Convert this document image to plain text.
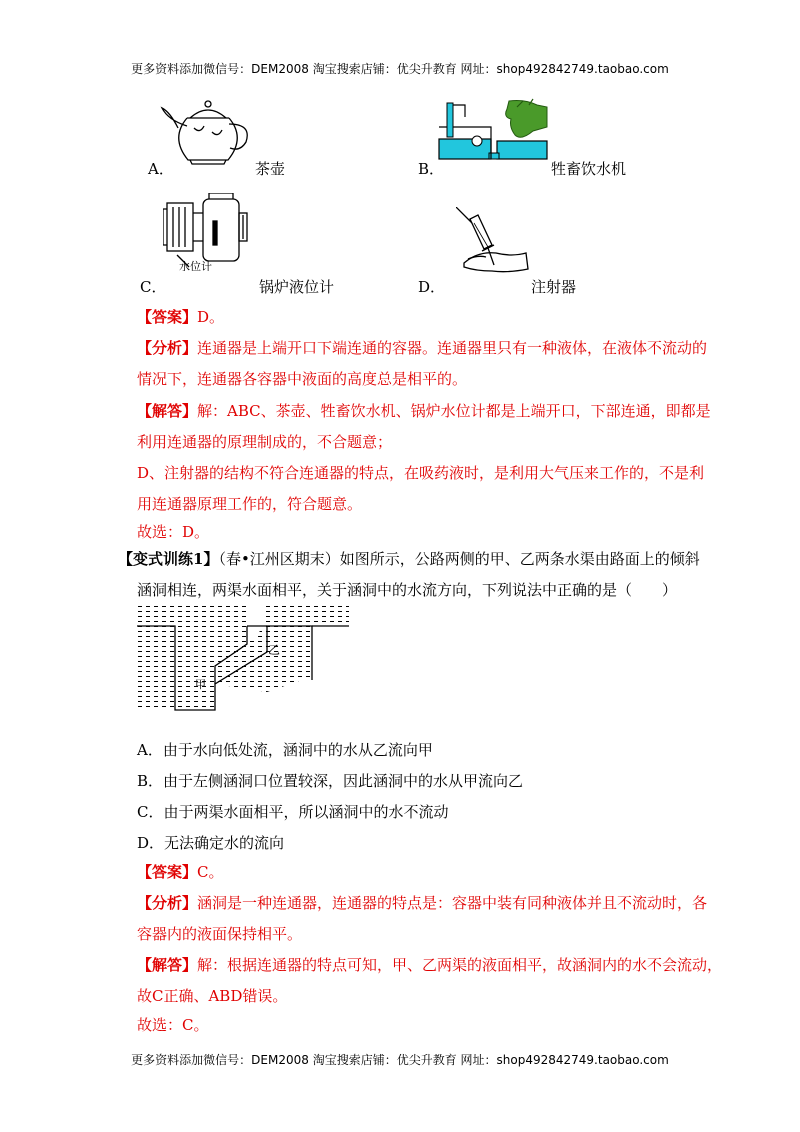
更多资料添加微信号：DEM2008 淘宝搜索店铺：优尖升教育 网址：shop492842749.taobao.com
水位计
A．	茶壶	B．	牲畜饮水机
C．	锅炉液位计	D．	注射器
【答案】D。
【分析】连通器是上端开口下端连通的容器。连通器里只有一种液体，在液体不流动的
情况下，连通器各容器中液面的高度总是相平的。
【解答】解：ABC、茶壶、牲畜饮水机、锅炉水位计都是上端开口，下部连通，即都是
利用连通器的原理制成的，不合题意；
D、注射器的结构不符合连通器的特点，在吸药液时，是利用大气压来工作的，不是利
用连通器原理工作的，符合题意。
故选：D。
【变式训练1】（春•江州区期末）如图所示，公路两侧的甲、乙两条水渠由路面上的倾斜
涵洞相连，两渠水面相平，关于涵洞中的水流方向，下列说法中正确的是（　　）
甲
乙
A．由于水向低处流，涵洞中的水从乙流向甲
B．由于左侧涵洞口位置较深，因此涵洞中的水从甲流向乙
C．由于两渠水面相平，所以涵洞中的水不流动
D．无法确定水的流向
【答案】C。
【分析】涵洞是一种连通器，连通器的特点是：容器中装有同种液体并且不流动时，各
容器内的液面保持相平。
【解答】解：根据连通器的特点可知，甲、乙两渠的液面相平，故涵洞内的水不会流动，
故C正确、ABD错误。
故选：C。
更多资料添加微信号：DEM2008 淘宝搜索店铺：优尖升教育 网址：shop492842749.taobao.com
